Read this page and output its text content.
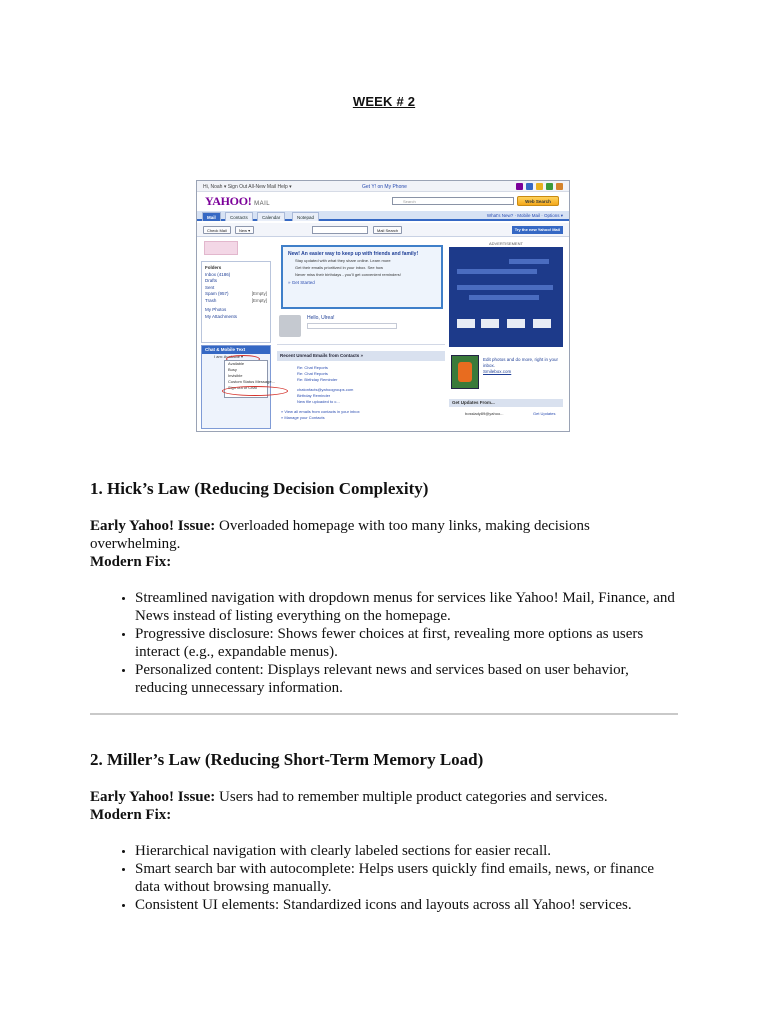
WEEK # 2
Hi, Noah ▾ Sign Out All-New Mail Help ▾	Get Y! on My Phone
YAHOO! MAIL	Search	Web Search
Mail	Contacts	Calendar	Notepad	What's New? · Mobile Mail · Options ▾
Check Mail	New ▾	Mail Search	Try the new Yahoo! Mail
Folders
Inbox (4186)
Drafts
Sent
Spam (957)	[Empty]
Trash	[Empty]
My Photos
My Attachments
Chat & Mobile Text
I am: Available ▾
Available
Busy
Invisible
Custom Status Message...
Sign out of Chat
New! An easier way to keep up with friends and family!
Stay updated with what they share online. Learn more
Get their emails prioritized in your inbox. See how
Never miss their birthdays - you'll get convenient reminders!
» Get Started
Hello, Ulrea!
Recent Unread Emails from Contacts »
Re: Chat Reports
Re: Chat Reports
Re: Birthday Reminder
chatonfacts@yahoogroups.com
Birthday Reminder
New file uploaded to c...
» View all emails from contacts in your inbox
» Manage your Contacts
ADVERTISEMENT
Edit photos and do more, right in your inbox.
Smilebox.com
Get Updates From...
bosslady89@yahoo...	Get Updates
1. Hick’s Law (Reducing Decision Complexity)

Early Yahoo! Issue: Overloaded homepage with too many links, making decisions overwhelming.

Modern Fix:

• Streamlined navigation with dropdown menus for services like Yahoo! Mail, Finance, and News instead of listing everything on the homepage.
• Progressive disclosure: Shows fewer choices at first, revealing more options as users interact (e.g., expandable menus).
• Personalized content: Displays relevant news and services based on user behavior, reducing unnecessary information.
2. Miller’s Law (Reducing Short-Term Memory Load)

Early Yahoo! Issue: Users had to remember multiple product categories and services.

Modern Fix:

• Hierarchical navigation with clearly labeled sections for easier recall.
• Smart search bar with autocomplete: Helps users quickly find emails, news, or finance data without browsing manually.
• Consistent UI elements: Standardized icons and layouts across all Yahoo! services.
